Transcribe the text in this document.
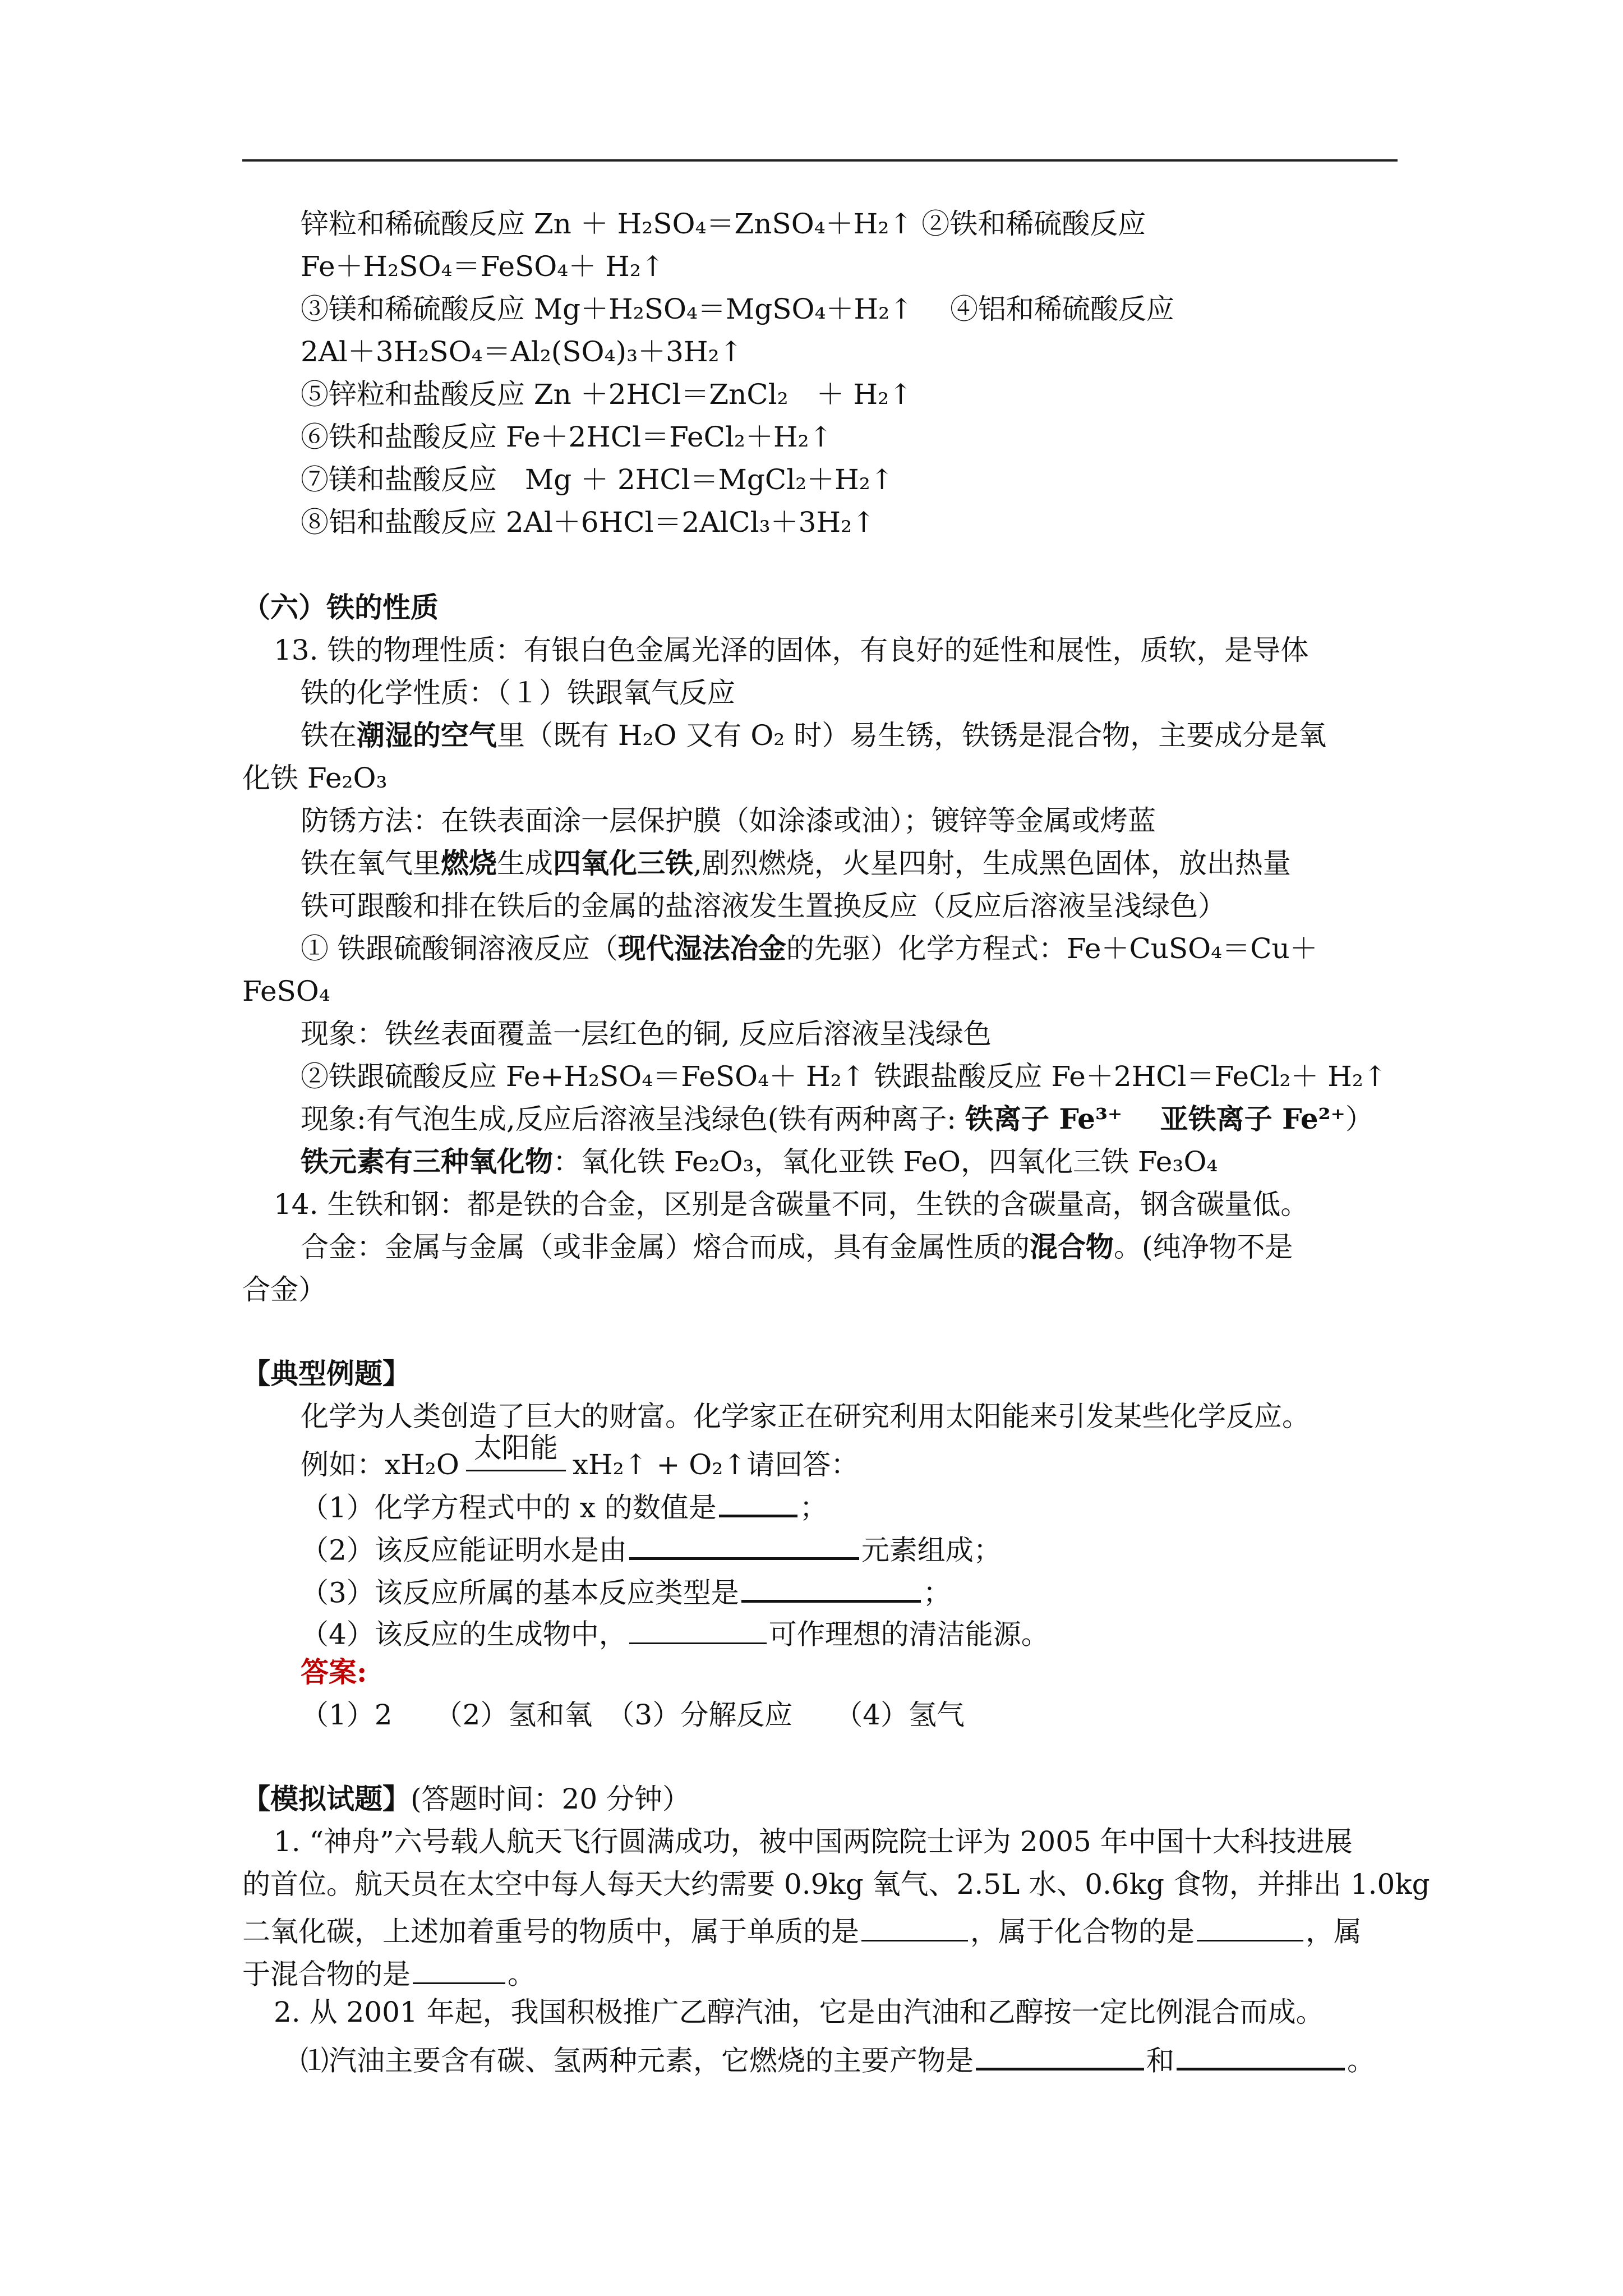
锌粒和稀硫酸反应 Zn ＋ H₂SO₄＝ZnSO₄＋H₂↑ ②铁和稀硫酸反应
Fe＋H₂SO₄＝FeSO₄＋ H₂↑
③镁和稀硫酸反应 Mg＋H₂SO₄＝MgSO₄＋H₂↑　 ④铝和稀硫酸反应
2Al＋3H₂SO₄＝Al₂(SO₄)₃＋3H₂↑
⑤锌粒和盐酸反应 Zn ＋2HCl＝ZnCl₂　＋ H₂↑
⑥铁和盐酸反应 Fe＋2HCl＝FeCl₂＋H₂↑
⑦镁和盐酸反应　Mg ＋ 2HCl＝MgCl₂＋H₂↑
⑧铝和盐酸反应 2Al＋6HCl＝2AlCl₃＋3H₂↑
（六）铁的性质
13. 铁的物理性质：有银白色金属光泽的固体，有良好的延性和展性，质软，是导体
铁的化学性质：（１）铁跟氧气反应
铁在潮湿的空气里（既有 H₂O 又有 O₂ 时）易生锈，铁锈是混合物，主要成分是氧
化铁 Fe₂O₃
防锈方法：在铁表面涂一层保护膜（如涂漆或油）；镀锌等金属或烤蓝
铁在氧气里燃烧生成四氧化三铁,剧烈燃烧，火星四射，生成黑色固体，放出热量
铁可跟酸和排在铁后的金属的盐溶液发生置换反应（反应后溶液呈浅绿色）
① 铁跟硫酸铜溶液反应（现代湿法冶金的先驱）化学方程式：Fe＋CuSO₄＝Cu＋
FeSO₄
现象：铁丝表面覆盖一层红色的铜, 反应后溶液呈浅绿色
②铁跟硫酸反应 Fe+H₂SO₄＝FeSO₄＋ H₂↑ 铁跟盐酸反应 Fe＋2HCl＝FeCl₂＋ H₂↑
现象:有气泡生成,反应后溶液呈浅绿色(铁有两种离子: 铁离子 Fe³⁺　 亚铁离子 Fe²⁺）
铁元素有三种氧化物：氧化铁 Fe₂O₃，氧化亚铁 FeO，四氧化三铁 Fe₃O₄
14. 生铁和钢：都是铁的合金，区别是含碳量不同，生铁的含碳量高，钢含碳量低。
合金：金属与金属（或非金属）熔合而成，具有金属性质的混合物。(纯净物不是
合金）
【典型例题】
化学为人类创造了巨大的财富。化学家正在研究利用太阳能来引发某些化学反应。
例如：xH₂O太阳能xH₂↑ + O₂↑请回答：
（1）化学方程式中的 x 的数值是	；
（2）该反应能证明水是由	元素组成；
（3）该反应所属的基本反应类型是	；
（4）该反应的生成物中，	可作理想的清洁能源。
答案:
（1）2　　（2）氢和氧　（3）分解反应　　（4）氢气
【模拟试题】(答题时间：20 分钟）
1. “神舟”六号载人航天飞行圆满成功，被中国两院院士评为 2005 年中国十大科技进展
的首位。航天员在太空中每人每天大约需要 0.9kg 氧气、2.5L 水、0.6kg 食物，并排出 1.0kg
二氧化碳，上述加着重号的物质中，属于单质的是	，属于化合物的是	，属
于混合物的是	。
2. 从 2001 年起，我国积极推广乙醇汽油，它是由汽油和乙醇按一定比例混合而成。
⑴汽油主要含有碳、氢两种元素，它燃烧的主要产物是	和	。
